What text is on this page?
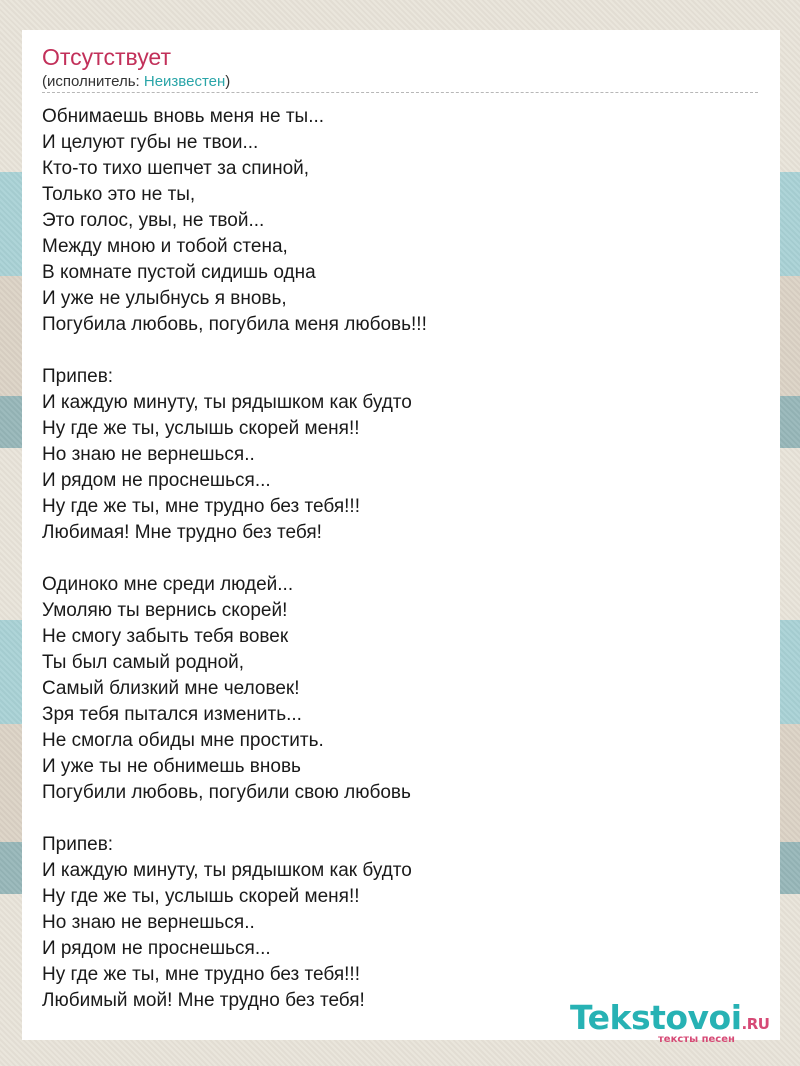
Отсутствует
(исполнитель: Неизвестен)
Обнимаешь вновь меня не ты...
И целуют губы не твои...
Кто-то тихо шепчет за спиной,
Только это не ты,
Это голос, увы, не твой...
Между мною и тобой стена,
В комнате пустой сидишь одна
И уже не улыбнусь я вновь,
Погубила любовь, погубила меня любовь!!!
Припев:
И каждую минуту, ты рядышком как будто
Ну где же ты, услышь скорей меня!!
Но знаю не вернешься..
И рядом не проснешься...
Ну где же ты, мне трудно без тебя!!!
Любимая! Мне трудно без тебя!
Одиноко мне среди людей...
Умоляю ты вернись скорей!
Не смогу забыть тебя вовек
Ты был самый родной,
Самый близкий мне человек!
Зря тебя пытался изменить...
Не смогла обиды мне простить.
И уже ты не обнимешь вновь
Погубили любовь, погубили свою любовь
Припев:
И каждую минуту, ты рядышком как будто
Ну где же ты, услышь скорей меня!!
Но знаю не вернешься..
И рядом не проснешься...
Ну где же ты, мне трудно без тебя!!!
Любимый мой! Мне трудно без тебя!	Tekstovoi.RU
тексты песен
